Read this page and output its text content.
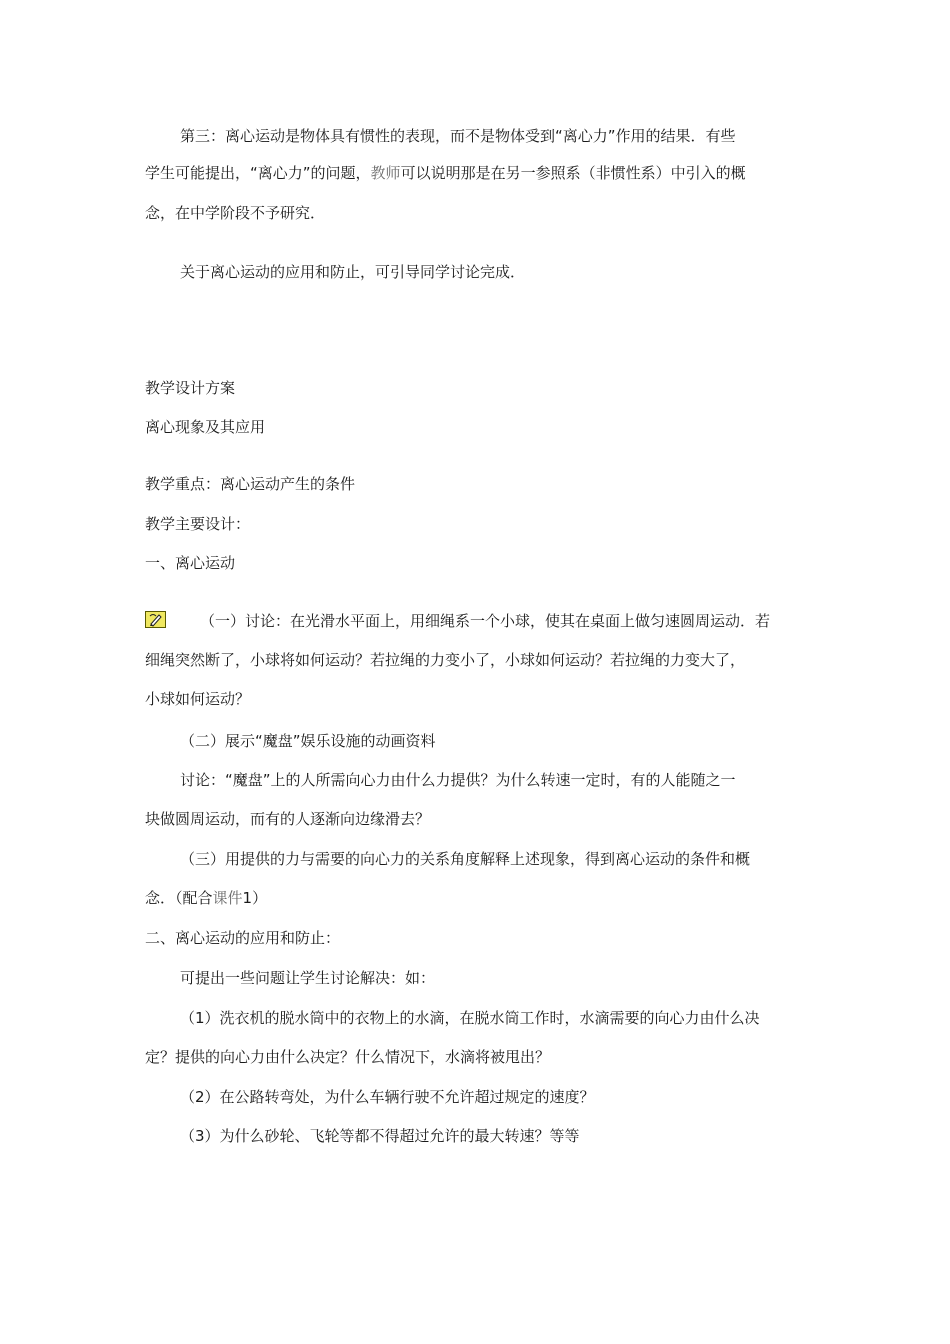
第三：离心运动是物体具有惯性的表现，而不是物体受到“离心力”作用的结果．有些
学生可能提出，“离心力”的问题，教师可以说明那是在另一参照系（非惯性系）中引入的概
念，在中学阶段不予研究．
关于离心运动的应用和防止，可引导同学讨论完成．
教学设计方案
离心现象及其应用
教学重点：离心运动产生的条件
教学主要设计：
一、离心运动
（一）讨论：在光滑水平面上，用细绳系一个小球，使其在桌面上做匀速圆周运动．若
细绳突然断了，小球将如何运动？若拉绳的力变小了，小球如何运动？若拉绳的力变大了，
小球如何运动？
（二）展示“魔盘”娱乐设施的动画资料
讨论：“魔盘”上的人所需向心力由什么力提供？为什么转速一定时，有的人能随之一
块做圆周运动，而有的人逐渐向边缘滑去？
（三）用提供的力与需要的向心力的关系角度解释上述现象，得到离心运动的条件和概
念．（配合课件1）
二、离心运动的应用和防止：
可提出一些问题让学生讨论解决：如：
（1）洗衣机的脱水筒中的衣物上的水滴，在脱水筒工作时，水滴需要的向心力由什么决
定？提供的向心力由什么决定？什么情况下，水滴将被甩出？
（2）在公路转弯处，为什么车辆行驶不允许超过规定的速度？
（3）为什么砂轮、飞轮等都不得超过允许的最大转速？等等
